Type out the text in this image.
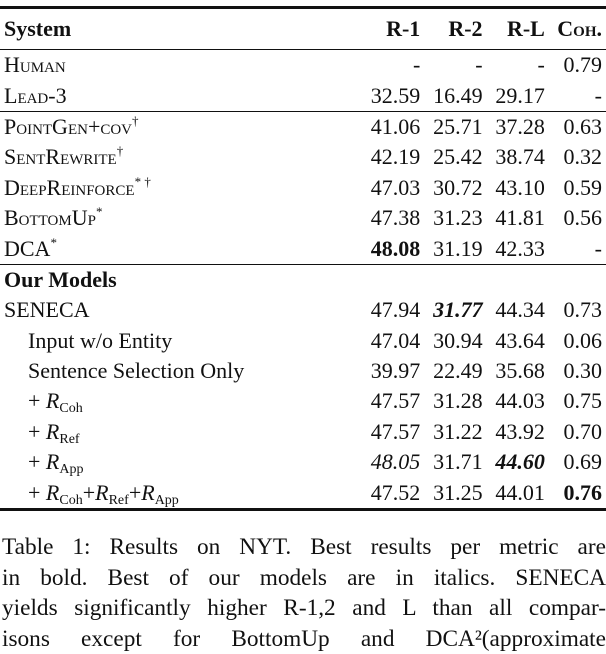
System	R-1	R-2	R-L	Coh.
Human	-	-	-	0.79
Lead-3	32.59	16.49	29.17	-
PointGen+cov†	41.06	25.71	37.28	0.63
SentRewrite†	42.19	25.42	38.74	0.32
DeepReinforce* †	47.03	30.72	43.10	0.59
BottomUp*	47.38	31.23	41.81	0.56
DCA*	48.08	31.19	42.33	-
Our Models				
SENECA	47.94	31.77	44.34	0.73
Input w/o Entity	47.04	30.94	43.64	0.06
Sentence Selection Only	39.97	22.49	35.68	0.30
+ $R_{Coh}$	47.57	31.28	44.03	0.75
+ $R_{Ref}$	47.57	31.22	43.92	0.70
+ $R_{App}$	48.05	31.71	44.60	0.69
+ $R_{Coh}+R_{Ref}+R_{App}$	47.52	31.25	44.01	0.76
Table 1: Results on NYT. Best results per metric are
in bold. Best of our models are in italics. SENECA
yields significantly higher R-1,2 and L than all compar-
isons except for BottomUp and DCA²(approximate
